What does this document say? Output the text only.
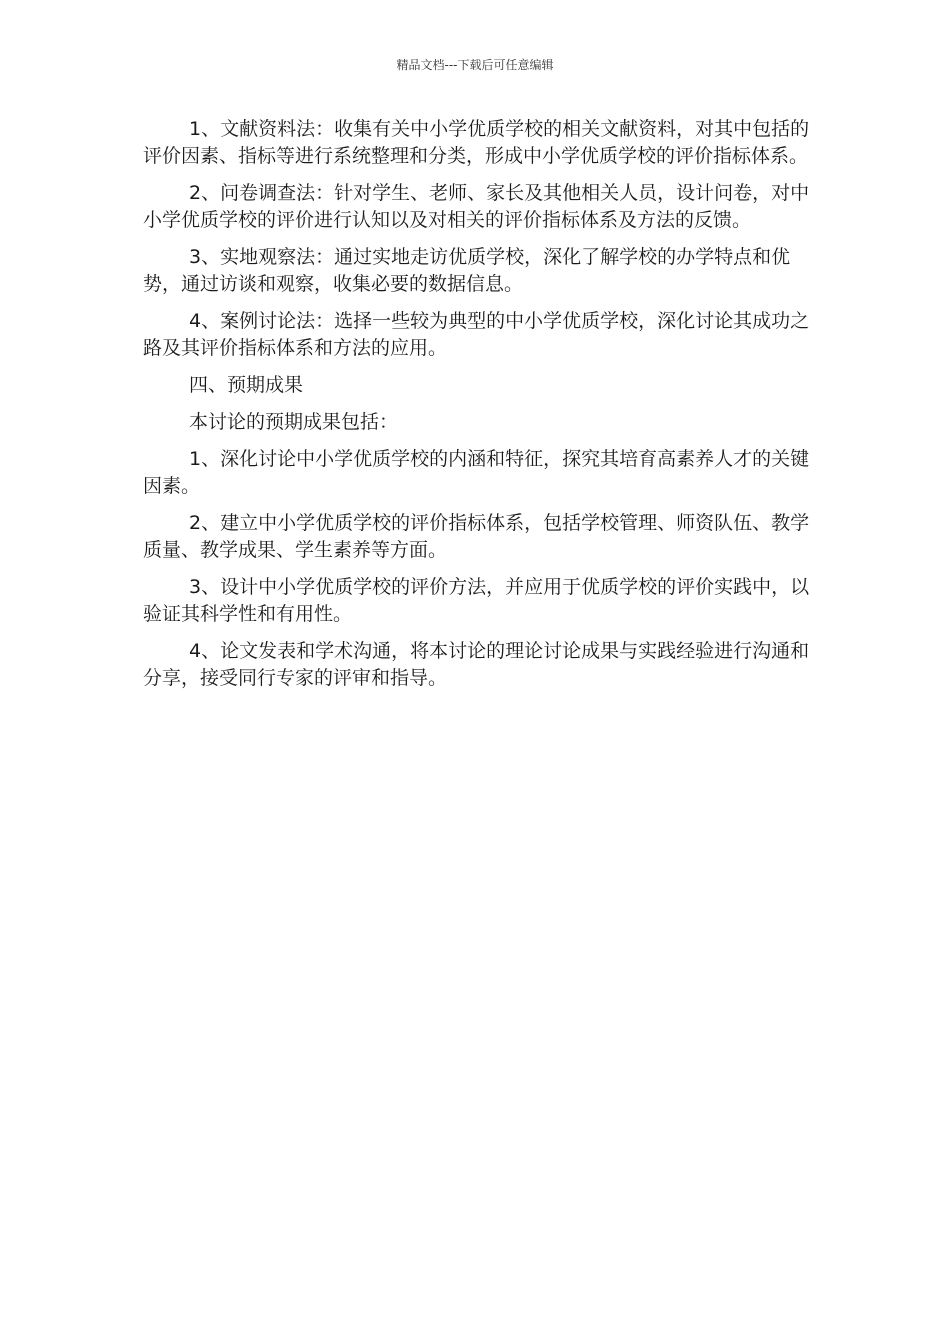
精品文档---下载后可任意编辑

1、文献资料法：收集有关中小学优质学校的相关文献资料，对其中包括的评价因素、指标等进行系统整理和分类，形成中小学优质学校的评价指标体系。

2、问卷调查法：针对学生、老师、家长及其他相关人员，设计问卷，对中小学优质学校的评价进行认知以及对相关的评价指标体系及方法的反馈。

3、实地观察法：通过实地走访优质学校，深化了解学校的办学特点和优势，通过访谈和观察，收集必要的数据信息。

4、案例讨论法：选择一些较为典型的中小学优质学校，深化讨论其成功之路及其评价指标体系和方法的应用。

四、预期成果

本讨论的预期成果包括：

1、深化讨论中小学优质学校的内涵和特征，探究其培育高素养人才的关键因素。

2、建立中小学优质学校的评价指标体系，包括学校管理、师资队伍、教学质量、教学成果、学生素养等方面。

3、设计中小学优质学校的评价方法，并应用于优质学校的评价实践中，以验证其科学性和有用性。

4、论文发表和学术沟通，将本讨论的理论讨论成果与实践经验进行沟通和分享，接受同行专家的评审和指导。
